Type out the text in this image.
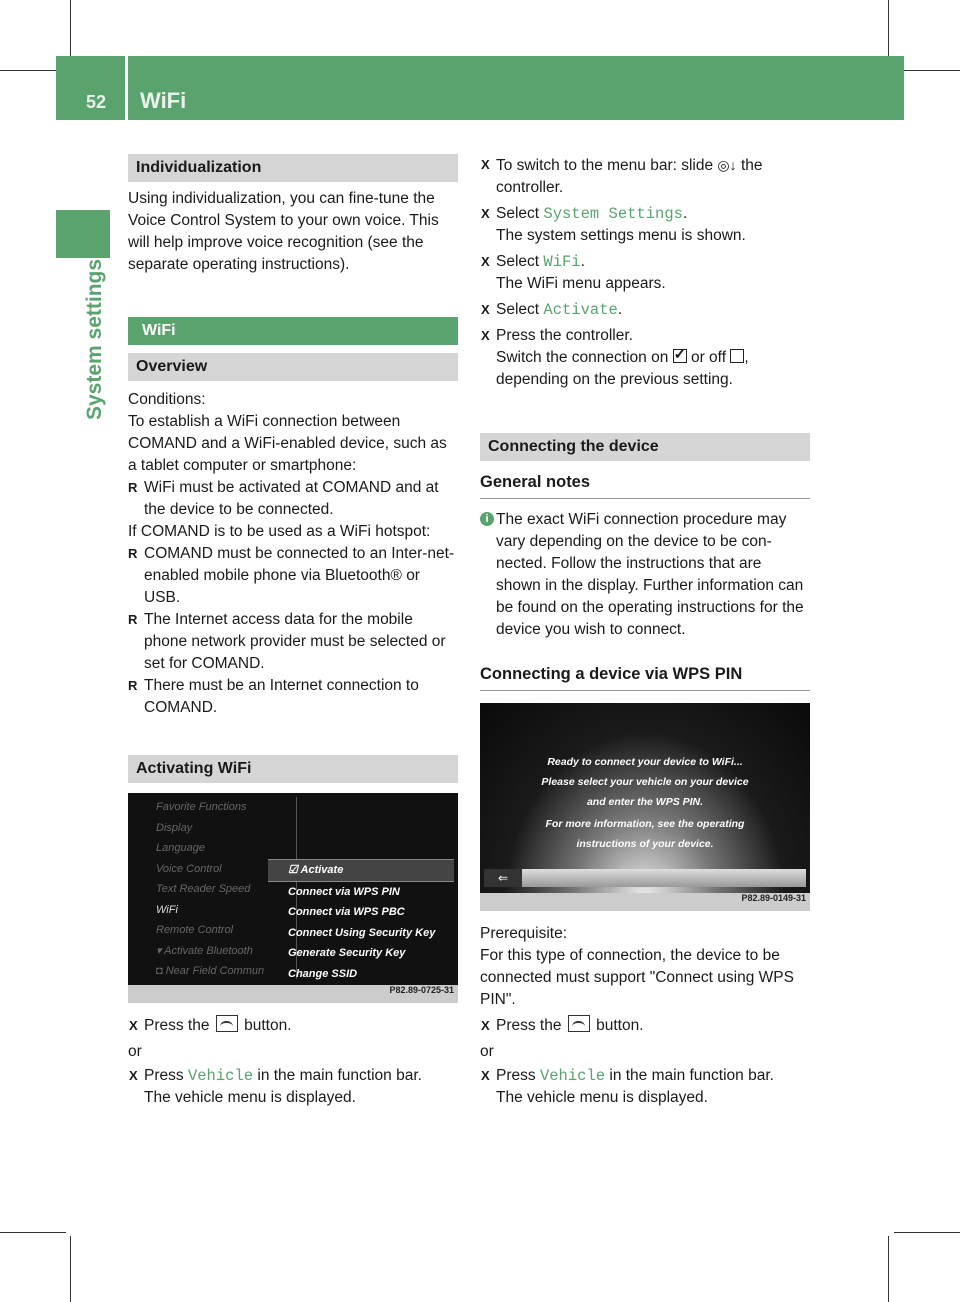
52 WiFi
System settings
Individualization

Using individualization, you can fine-tune the Voice Control System to your own voice. This will help improve voice recognition (see the separate operating instructions).

WiFi
Overview

Conditions:

To establish a WiFi connection between COMAND and a WiFi-enabled device, such as a tablet computer or smartphone:

R WiFi must be activated at COMAND and at the device to be connected.

If COMAND is to be used as a WiFi hotspot:

R COMAND must be connected to an Inter-net-enabled mobile phone via Bluetooth® or USB.

R The Internet access data for the mobile phone network provider must be selected or set for COMAND.

R There must be an Internet connection to COMAND.

Activating WiFi
Favorite Functions
Display
Language
Voice Control
Text Reader Speed
WiFi
Remote Control
▾ Activate Bluetooth
◘ Near Field Commun
☑ Activate
Connect via WPS PIN
Connect via WPS PBC
Connect Using Security Key
Generate Security Key
Change SSID
P82.89-0725-31

X Press the button.

or

X Press Vehicle in the main function bar.
The vehicle menu is displayed.

X To switch to the menu bar: slide ◎↓ the controller.

X Select System Settings.
The system settings menu is shown.

X Select WiFi.
The WiFi menu appears.

X Select Activate.

X Press the controller.
Switch the connection on ✓ or off ,
depending on the previous setting.

Connecting the device

General notes

i The exact WiFi connection procedure may vary depending on the device to be con-nected. Follow the instructions that are shown in the display. Further information can be found on the operating instructions for the device you wish to connect.

Connecting a device via WPS PIN

Ready to connect your device to WiFi...
Please select your vehicle on your device
and enter the WPS PIN.
For more information, see the operating
instructions of your device.
⇐
P82.89-0149-31

Prerequisite:

For this type of connection, the device to be connected must support "Connect using WPS PIN".

X Press the button.

or

X Press Vehicle in the main function bar.
The vehicle menu is displayed.
